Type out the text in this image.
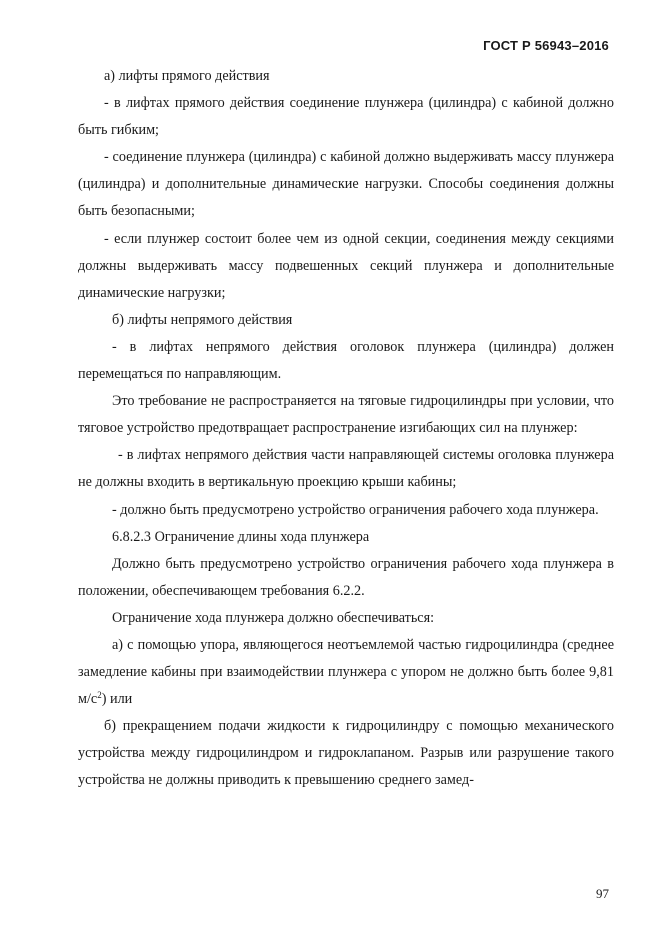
ГОСТ Р 56943–2016

а) лифты прямого действия

- в лифтах прямого действия соединение плунжера (цилиндра) с кабиной должно быть гибким;

- соединение плунжера (цилиндра) с кабиной должно выдерживать массу плунжера (цилиндра) и дополнительные динамические нагрузки. Способы соединения должны быть безопасными;

- если плунжер состоит более чем из одной секции, соединения между секциями должны выдерживать массу подвешенных секций плунжера и дополнительные динамические нагрузки;

б) лифты непрямого действия

- в лифтах непрямого действия оголовок плунжера (цилиндра) должен перемещаться по направляющим.

Это требование не распространяется на тяговые гидроцилиндры при условии, что тяговое устройство предотвращает распространение изгибающих сил на плунжер:

- в лифтах непрямого действия части направляющей системы оголовка плунжера не должны входить в вертикальную проекцию крыши кабины;

- должно быть предусмотрено устройство ограничения рабочего хода плунжера.

6.8.2.3 Ограничение длины хода плунжера

Должно быть предусмотрено устройство ограничения рабочего хода плунжера в положении, обеспечивающем требования 6.2.2.

Ограничение хода плунжера должно обеспечиваться:

а) с помощью упора, являющегося неотъемлемой частью гидроцилиндра (среднее замедление кабины при взаимодействии плунжера с упором не должно быть более 9,81 $м/с^2$) или

б) прекращением подачи жидкости к гидроцилиндру с помощью механического устройства между гидроцилиндром и гидроклапаном. Разрыв или разрушение такого устройства не должны приводить к превышению среднего замед-

97
